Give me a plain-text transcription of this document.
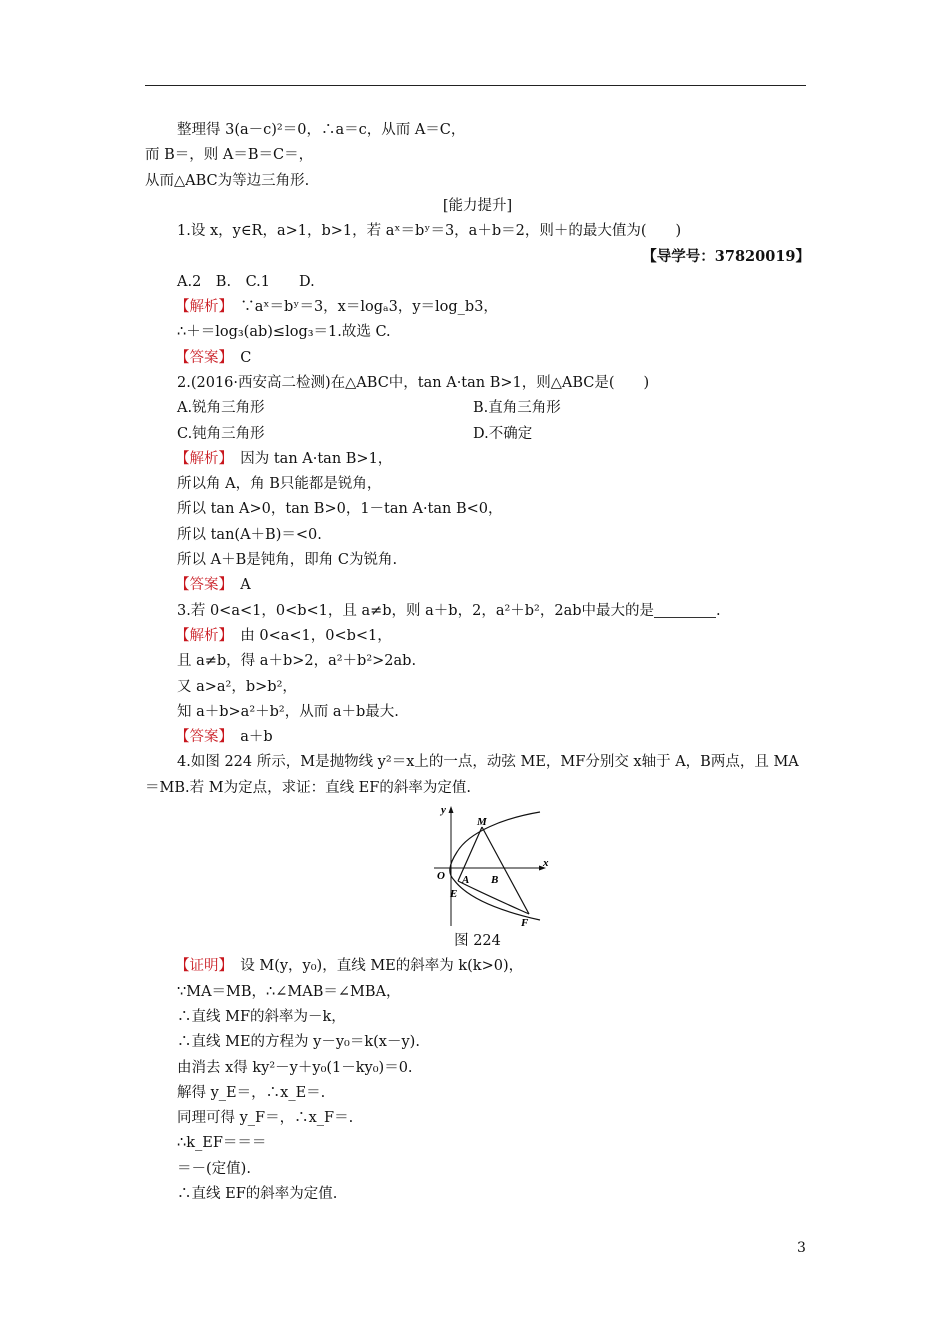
整理得 3(a－c)²＝0，∴a＝c，从而 A＝C，
而 B＝，则 A＝B＝C＝，
从而△ABC为等边三角形.
[能力提升]
1.设 x，y∈R，a>1，b>1，若 aˣ＝bʸ＝3，a＋b＝2，则＋的最大值为(　　)
【导学号：37820019】
A.2　B.　C.1　　D.
【解析】　 ∵aˣ＝bʸ＝3，x＝logₐ3，y＝log_b3，
∴＋＝log₃(ab)≤log₃＝1.故选 C.
【答案】　 C
2.(2016·西安高二检测)在△ABC中，tan A·tan B>1，则△ABC是(　　)
A.锐角三角形	B.直角三角形
C.钝角三角形	D.不确定
【解析】　 因为 tan A·tan B>1，
所以角 A，角 B只能都是锐角，
所以 tan A>0，tan B>0，1－tan A·tan B<0，
所以 tan(A＋B)＝<0.
所以 A＋B是钝角，即角 C为锐角.
【答案】　 A
3.若 0<a<1，0<b<1，且 a≠b，则 a＋b，2，a²＋b²，2ab中最大的是	.
【解析】　 由 0<a<1，0<b<1，
且 a≠b，得 a＋b>2，a²＋b²>2ab.
又 a>a²，b>b²，
知 a＋b>a²＋b²，从而 a＋b最大.
【答案】　 a＋b
4.如图 224 所示，M是抛物线 y²＝x上的一点，动弦 ME，MF分别交 x轴于 A，B两点，且 MA
＝MB.若 M为定点，求证：直线 EF的斜率为定值.
y
x
M
O A B
E
F
图 224
【证明】　 设 M(y，y₀)，直线 ME的斜率为 k(k>0)，
∵MA＝MB，∴∠MAB＝∠MBA，
∴直线 MF的斜率为－k，
∴直线 ME的方程为 y－y₀＝k(x－y).
由消去 x得 ky²－y＋y₀(1－ky₀)＝0.
解得 y_E＝，∴x_E＝.
同理可得 y_F＝，∴x_F＝.
∴k_EF＝＝＝
＝－(定值).
∴直线 EF的斜率为定值.
3
